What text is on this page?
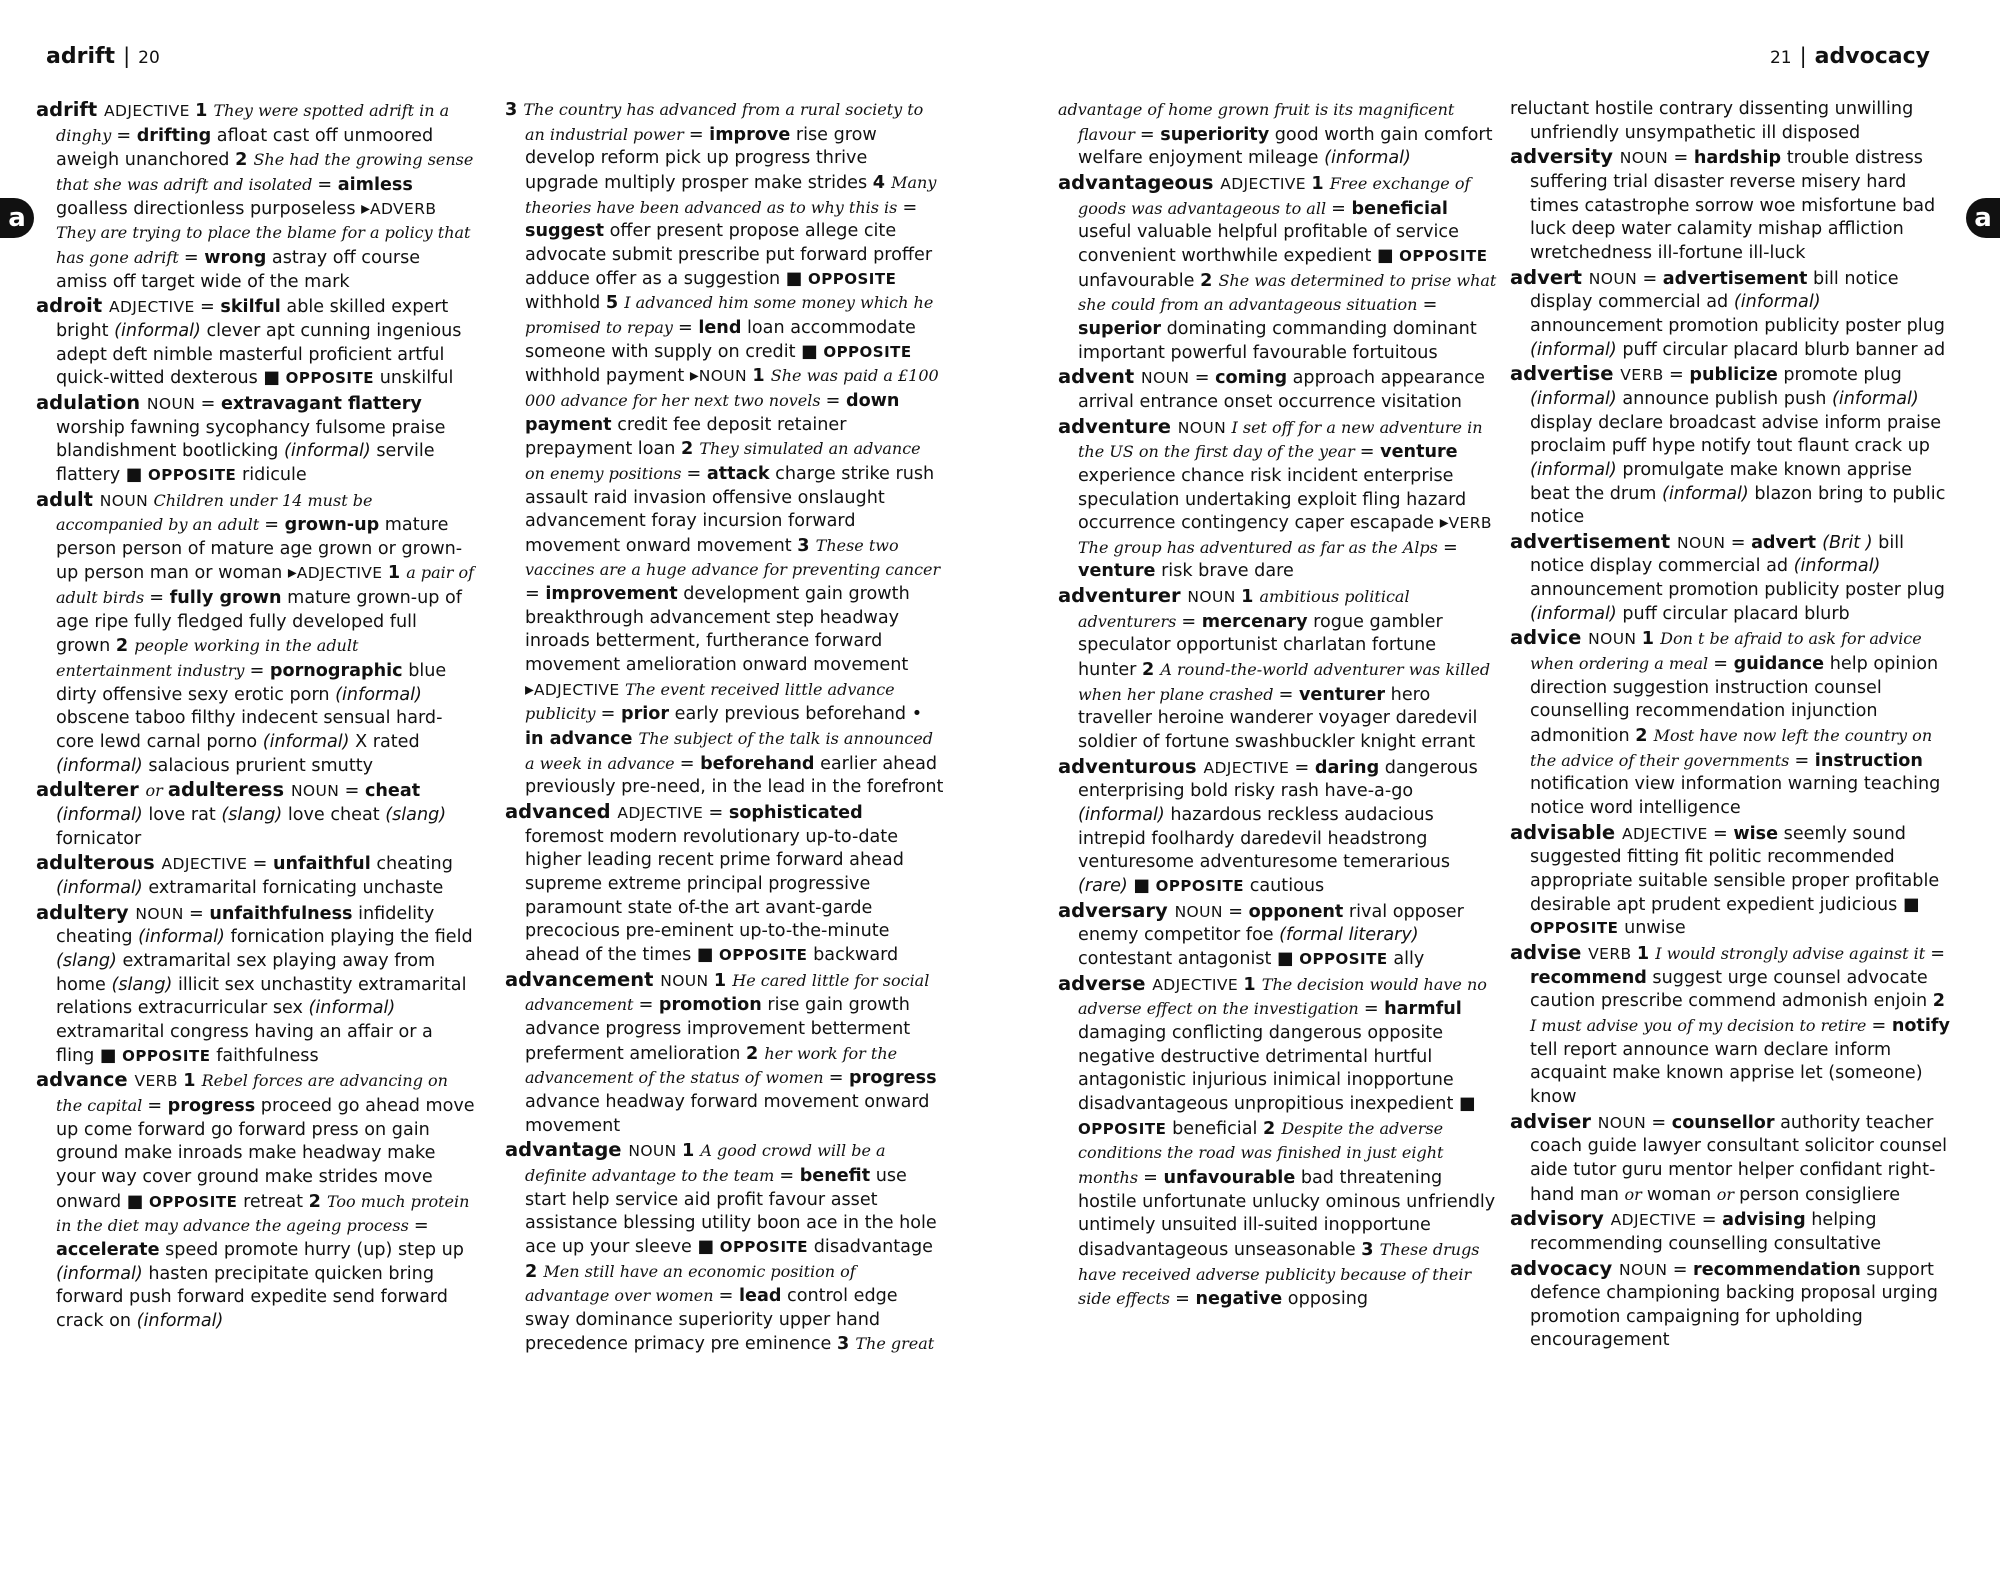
adrift | 20
a

adrift ADJECTIVE 1 They were spotted adrift in a dinghy = drifting afloat cast off unmoored aweigh unanchored 2 She had the growing sense that she was adrift and isolated = aimless goalless directionless purposeless ▸ADVERB They are trying to place the blame for a policy that has gone adrift = wrong astray off course amiss off target wide of the mark

adroit ADJECTIVE = skilful able skilled expert bright (informal) clever apt cunning ingenious adept deft nimble masterful proficient artful quick-witted dexterous ■ OPPOSITE unskilful

adulation NOUN = extravagant flattery worship fawning sycophancy fulsome praise blandishment bootlicking (informal) servile flattery ■ OPPOSITE ridicule

adult NOUN Children under 14 must be accompanied by an adult = grown-up mature person person of mature age grown or grown-up person man or woman ▸ADJECTIVE 1 a pair of adult birds = fully grown mature grown-up of age ripe fully fledged fully developed full grown 2 people working in the adult entertainment industry = pornographic blue dirty offensive sexy erotic porn (informal) obscene taboo filthy indecent sensual hard-core lewd carnal porno (informal) X rated (informal) salacious prurient smutty

adulterer or adulteress NOUN = cheat (informal) love rat (slang) love cheat (slang) fornicator

adulterous ADJECTIVE = unfaithful cheating (informal) extramarital fornicating unchaste

adultery NOUN = unfaithfulness infidelity cheating (informal) fornication playing the field (slang) extramarital sex playing away from home (slang) illicit sex unchastity extramarital relations extracurricular sex (informal) extramarital congress having an affair or a fling ■ OPPOSITE faithfulness

advance VERB 1 Rebel forces are advancing on the capital = progress proceed go ahead move up come forward go forward press on gain ground make inroads make headway make your way cover ground make strides move onward ■ OPPOSITE retreat 2 Too much protein in the diet may advance the ageing process = accelerate speed promote hurry (up) step up (informal) hasten precipitate quicken bring forward push forward expedite send forward crack on (informal)

3 The country has advanced from a rural society to an industrial power = improve rise grow develop reform pick up progress thrive upgrade multiply prosper make strides 4 Many theories have been advanced as to why this is = suggest offer present propose allege cite advocate submit prescribe put forward proffer adduce offer as a suggestion ■ OPPOSITE withhold 5 I advanced him some money which he promised to repay = lend loan accommodate someone with supply on credit ■ OPPOSITE withhold payment ▸NOUN 1 She was paid a £100 000 advance for her next two novels = down payment credit fee deposit retainer prepayment loan 2 They simulated an advance on enemy positions = attack charge strike rush assault raid invasion offensive onslaught advancement foray incursion forward movement onward movement 3 These two vaccines are a huge advance for preventing cancer = improvement development gain growth breakthrough advancement step headway inroads betterment, furtherance forward movement amelioration onward movement ▸ADJECTIVE The event received little advance publicity = prior early previous beforehand • in advance The subject of the talk is announced a week in advance = beforehand earlier ahead previously pre-need, in the lead in the forefront

advanced ADJECTIVE = sophisticated foremost modern revolutionary up-to-date higher leading recent prime forward ahead supreme extreme principal progressive paramount state of-the art avant-garde precocious pre-eminent up-to-the-minute ahead of the times ■ OPPOSITE backward

advancement NOUN 1 He cared little for social advancement = promotion rise gain growth advance progress improvement betterment preferment amelioration 2 her work for the advancement of the status of women = progress advance headway forward movement onward movement

advantage NOUN 1 A good crowd will be a definite advantage to the team = benefit use start help service aid profit favour asset assistance blessing utility boon ace in the hole ace up your sleeve ■ OPPOSITE disadvantage 2 Men still have an economic position of advantage over women = lead control edge sway dominance superiority upper hand precedence primacy pre eminence 3 The great

21 | advocacy
a

advantage of home grown fruit is its magnificent flavour = superiority good worth gain comfort welfare enjoyment mileage (informal)

advantageous ADJECTIVE 1 Free exchange of goods was advantageous to all = beneficial useful valuable helpful profitable of service convenient worthwhile expedient ■ OPPOSITE unfavourable 2 She was determined to prise what she could from an advantageous situation = superior dominating commanding dominant important powerful favourable fortuitous

advent NOUN = coming approach appearance arrival entrance onset occurrence visitation

adventure NOUN I set off for a new adventure in the US on the first day of the year = venture experience chance risk incident enterprise speculation undertaking exploit fling hazard occurrence contingency caper escapade ▸VERB The group has adventured as far as the Alps = venture risk brave dare

adventurer NOUN 1 ambitious political adventurers = mercenary rogue gambler speculator opportunist charlatan fortune hunter 2 A round-the-world adventurer was killed when her plane crashed = venturer hero traveller heroine wanderer voyager daredevil soldier of fortune swashbuckler knight errant

adventurous ADJECTIVE = daring dangerous enterprising bold risky rash have-a-go (informal) hazardous reckless audacious intrepid foolhardy daredevil headstrong venturesome adventuresome temerarious (rare) ■ OPPOSITE cautious

adversary NOUN = opponent rival opposer enemy competitor foe (formal literary) contestant antagonist ■ OPPOSITE ally

adverse ADJECTIVE 1 The decision would have no adverse effect on the investigation = harmful damaging conflicting dangerous opposite negative destructive detrimental hurtful antagonistic injurious inimical inopportune disadvantageous unpropitious inexpedient ■ OPPOSITE beneficial 2 Despite the adverse conditions the road was finished in just eight months = unfavourable bad threatening hostile unfortunate unlucky ominous unfriendly untimely unsuited ill-suited inopportune disadvantageous unseasonable 3 These drugs have received adverse publicity because of their side effects = negative opposing

reluctant hostile contrary dissenting unwilling unfriendly unsympathetic ill disposed

adversity NOUN = hardship trouble distress suffering trial disaster reverse misery hard times catastrophe sorrow woe misfortune bad luck deep water calamity mishap affliction wretchedness ill-fortune ill-luck

advert NOUN = advertisement bill notice display commercial ad (informal) announcement promotion publicity poster plug (informal) puff circular placard blurb banner ad

advertise VERB = publicize promote plug (informal) announce publish push (informal) display declare broadcast advise inform praise proclaim puff hype notify tout flaunt crack up (informal) promulgate make known apprise beat the drum (informal) blazon bring to public notice

advertisement NOUN = advert (Brit ) bill notice display commercial ad (informal) announcement promotion publicity poster plug (informal) puff circular placard blurb

advice NOUN 1 Don t be afraid to ask for advice when ordering a meal = guidance help opinion direction suggestion instruction counsel counselling recommendation injunction admonition 2 Most have now left the country on the advice of their governments = instruction notification view information warning teaching notice word intelligence

advisable ADJECTIVE = wise seemly sound suggested fitting fit politic recommended appropriate suitable sensible proper profitable desirable apt prudent expedient judicious ■ OPPOSITE unwise

advise VERB 1 I would strongly advise against it = recommend suggest urge counsel advocate caution prescribe commend admonish enjoin 2 I must advise you of my decision to retire = notify tell report announce warn declare inform acquaint make known apprise let (someone) know

adviser NOUN = counsellor authority teacher coach guide lawyer consultant solicitor counsel aide tutor guru mentor helper confidant right-hand man or woman or person consigliere

advisory ADJECTIVE = advising helping recommending counselling consultative

advocacy NOUN = recommendation support defence championing backing proposal urging promotion campaigning for upholding encouragement
